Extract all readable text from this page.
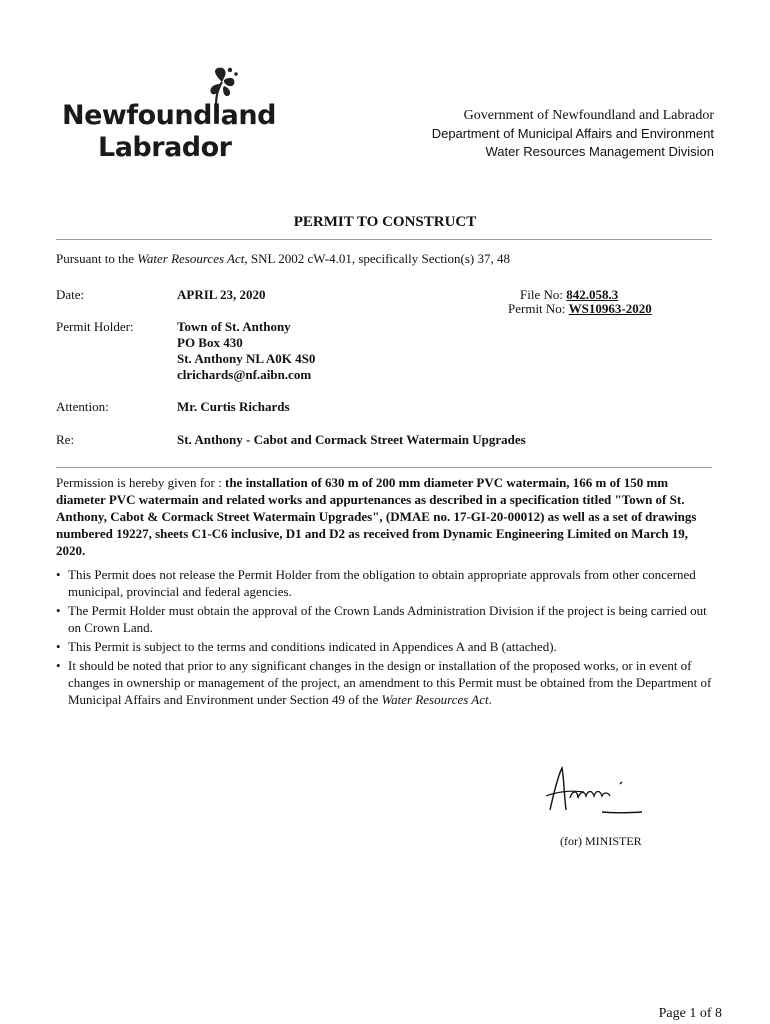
Newfoundland
Labrador
Government of Newfoundland and Labrador
Department of Municipal Affairs and Environment
Water Resources Management Division
PERMIT TO CONSTRUCT
Pursuant to the Water Resources Act, SNL 2002 cW-4.01, specifically Section(s) 37, 48
Date:	APRIL 23, 2020	File No: 842.058.3
Permit No: WS10963-2020
Permit Holder:	Town of St. Anthony
PO Box 430
St. Anthony NL A0K 4S0
clrichards@nf.aibn.com
Attention:	Mr. Curtis Richards
Re:	St. Anthony - Cabot and Cormack Street Watermain Upgrades
Permission is hereby given for : the installation of 630 m of 200 mm diameter PVC watermain, 166 m of 150 mm diameter PVC watermain and related works and appurtenances as described in a specification titled "Town of St. Anthony, Cabot & Cormack Street Watermain Upgrades", (DMAE no. 17-GI-20-00012) as well as a set of drawings numbered 19227, sheets C1-C6 inclusive, D1 and D2 as received from Dynamic Engineering Limited on March 19, 2020.
• This Permit does not release the Permit Holder from the obligation to obtain appropriate approvals from other concerned municipal, provincial and federal agencies.
• The Permit Holder must obtain the approval of the Crown Lands Administration Division if the project is being carried out on Crown Land.
• This Permit is subject to the terms and conditions indicated in Appendices A and B (attached).
• It should be noted that prior to any significant changes in the design or installation of the proposed works, or in event of changes in ownership or management of the project, an amendment to this Permit must be obtained from the Department of Municipal Affairs and Environment under Section 49 of the Water Resources Act.
(for) MINISTER
Page 1 of 8
